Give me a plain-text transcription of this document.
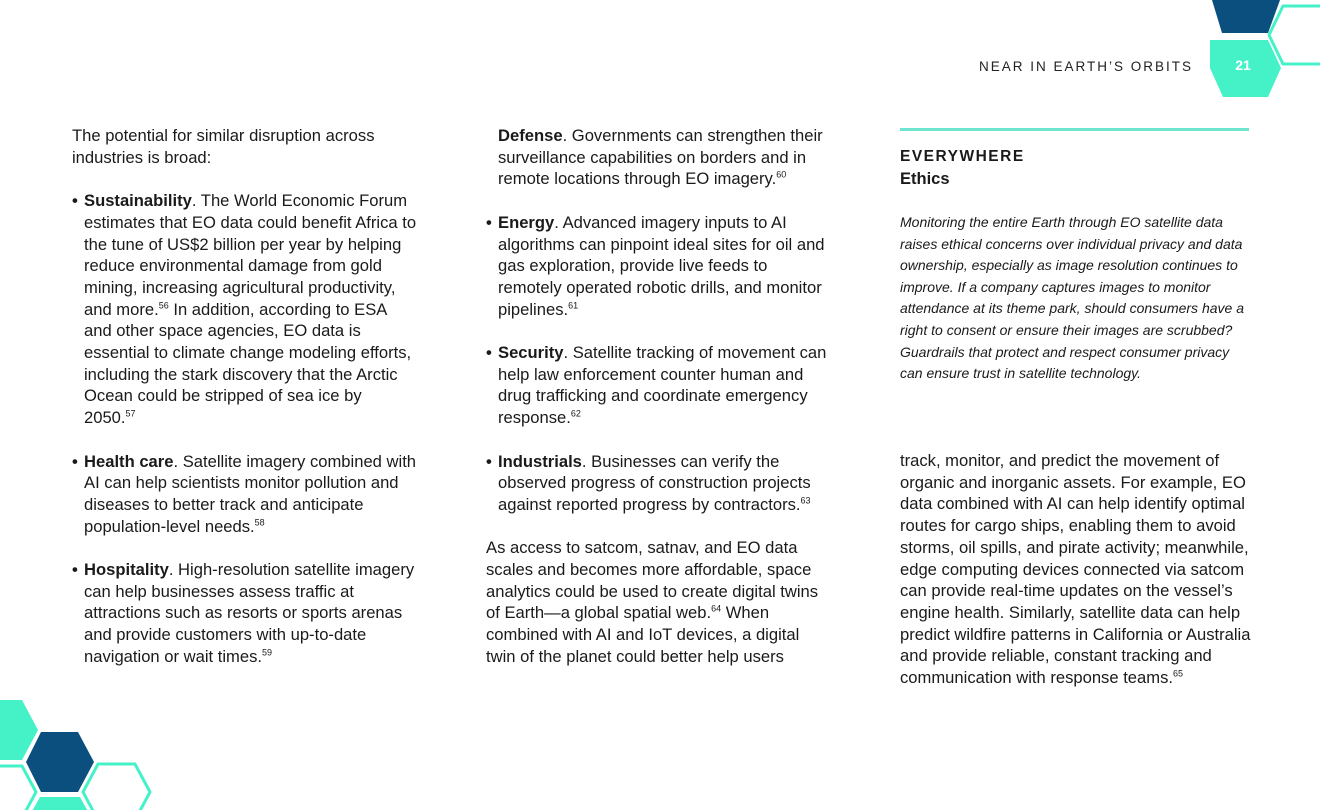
21
NEAR IN EARTH’S ORBITS

The potential for similar disruption across industries is broad:

• Sustainability. The World Economic Forum estimates that EO data could benefit Africa to the tune of US$2 billion per year by helping reduce environmental damage from gold mining, increasing agricultural productivity, and more.$^{56}$ In addition, according to ESA and other space agencies, EO data is essential to climate change modeling efforts, including the stark discovery that the Arctic Ocean could be stripped of sea ice by 2050.57
• Health care. Satellite imagery combined with AI can help scientists monitor pollution and diseases to better track and anticipate population-level needs.$^{58}$
• Hospitality. High-resolution satellite imagery can help businesses assess traffic at attractions such as resorts or sports arenas and provide customers with up-to-date navigation or wait times.$^{59}$
Defense. Governments can strengthen their surveillance capabilities on borders and in remote locations through EO imagery.$^{60}$
• Energy. Advanced imagery inputs to AI algorithms can pinpoint ideal sites for oil and gas exploration, provide live feeds to remotely operated robotic drills, and monitor pipelines.$^{61}$
• Security. Satellite tracking of movement can help law enforcement counter human and drug trafficking and coordinate emergency response.$^{62}$
• Industrials. Businesses can verify the observed progress of construction projects against reported progress by contractors.$^{63}$

As access to satcom, satnav, and EO data scales and becomes more affordable, space analytics could be used to create digital twins of Earth—a global spatial web.$^{64}$ When combined with AI and IoT devices, a digital twin of the planet could better help users

EVERYWHERE
Ethics
Monitoring the entire Earth through EO satellite data raises ethical concerns over individual privacy and data ownership, especially as image resolution continues to improve. If a company captures images to monitor attendance at its theme park, should consumers have a right to consent or ensure their images are scrubbed? Guardrails that protect and respect consumer privacy can ensure trust in satellite technology.

track, monitor, and predict the movement of organic and inorganic assets. For example, EO data combined with AI can help identify optimal routes for cargo ships, enabling them to avoid storms, oil spills, and pirate activity; meanwhile, edge computing devices connected via satcom can provide real-time updates on the vessel’s engine health. Similarly, satellite data can help predict wildfire patterns in California or Australia and provide reliable, constant tracking and communication with response teams.$^{65}$
